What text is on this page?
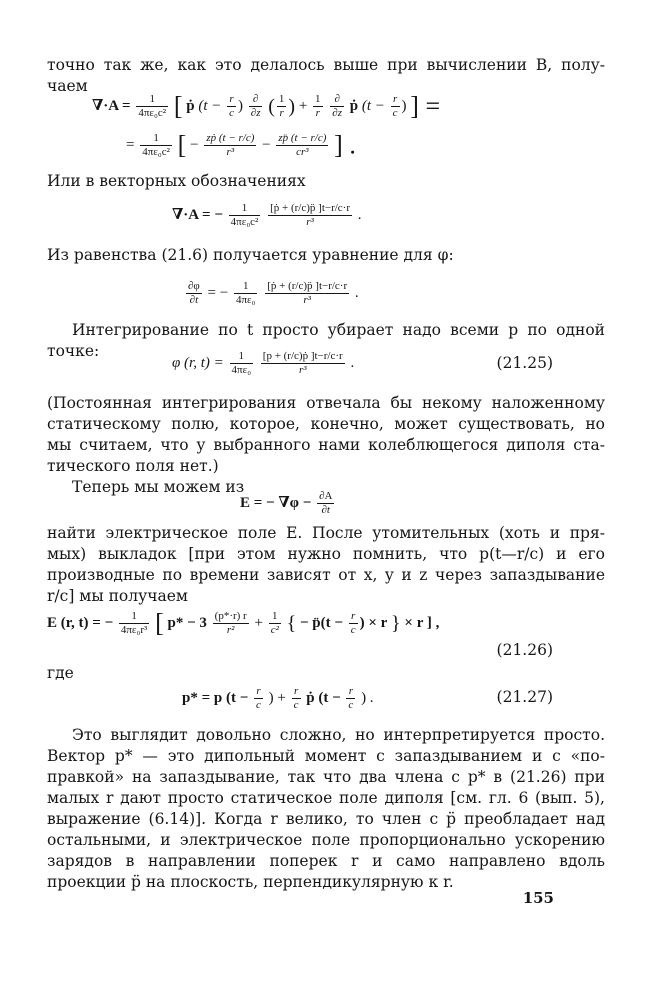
точно так же, как это делалось выше при вычислении B, полу-
чаем
$\nabla\cdot A = \frac{1}{\text{4πε₀c²}}$ [ ṗ ($t - \frac{r}{c}$ ) $\frac{\partial}{\partial z}$ ( $\frac{1}{r}$ ) + $\frac{1}{r}$
$\frac{\partial}{\partial z}$ ṗ ($t - \frac{r}{c}$ ) ] =
= $\frac{1}{\text{4πε₀c²}}$ [ − $\frac{\text{zṗ (t − r/c)}}{\text{r³}} - \frac{zp̈ (t - r/c)}{\text{cr³}}$ ] .
Или в векторных обозначениях
∇·A = − $\frac{1}{\text{4πε₀c²}}$
$\frac{\text{[ṗ + (r/c)p̈ ]t−r/c·r}}{\text{r³}}$ .
Из равенства (21.6) получается уравнение для φ:
$\frac{\partial\varphi}{\partial t}$ = − $\frac{1}{\text{4πε₀}}$
$\frac{\text{[ṗ + (r/c)p̈ ]t−r/c·r}}{\text{r³}}$ .
Интегрирование по t просто убирает надо всеми p по одной
точке:
φ (r, $t) = \frac{1}{\text{4πε₀}}$
$\frac{\text{[p + (r/c)ṗ ]t−r/c·r}}{\text{r³}}$ .	(21.25)
(Постоянная интегрирования отвечала бы некому наложенному
статическому полю, которое, конечно, может существовать, но
мы считаем, что у выбранного нами колеблющегося диполя ста-
тического поля нет.)
Теперь мы можем из
E = − $\nabla\varphi - \frac{\partial A}{\partial t}$
найти электрическое поле E. После утомительных (хоть и пря-
мых) выкладок [при этом нужно помнить, что p(t—r/c) и его
производные по времени зависят от x, y и z через запаздывание
r/c] мы получаем
E (r, t) = − $\frac{1}{\text{4πε₀r³}}$ [ $p* - 3 \frac{(p*\cdot r) r}{\text{r²}} + \frac{1}{\text{c²}}$ { − p̈(t − $\frac{r}{c}$ ) × r } × r ] ,
(21.26)
где
p* = p ($t - \frac{r}{c}$ ) + $\frac{r}{c}$ ṗ ($t - \frac{r}{c}$ ) .	(21.27)
Это выглядит довольно сложно, но интерпретируется просто.
Вектор p* — это дипольный момент с запаздыванием и с «по-
правкой» на запаздывание, так что два члена с p* в (21.26) при
малых r дают просто статическое поле диполя [см. гл. 6 (вып. 5),
выражение (6.14)]. Когда r велико, то член с p̈ преобладает над
остальными, и электрическое поле пропорционально ускорению
зарядов в направлении поперек r и само направлено вдоль
проекции p̈ на плоскость, перпендикулярную к r.
155
